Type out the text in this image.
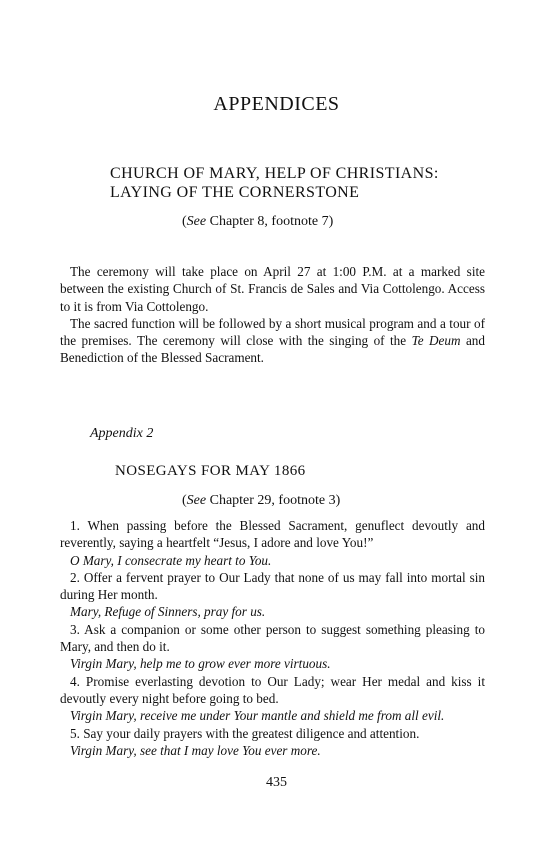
APPENDICES
CHURCH OF MARY, HELP OF CHRISTIANS:
LAYING OF THE CORNERSTONE
(See Chapter 8, footnote 7)

The ceremony will take place on April 27 at 1:00 P.M. at a marked site between the existing Church of St. Francis de Sales and Via Cottolengo. Access to it is from Via Cottolengo.

The sacred function will be followed by a short musical program and a tour of the premises. The ceremony will close with the singing of the Te Deum and Benediction of the Blessed Sacrament.

Appendix 2
NOSEGAYS FOR MAY 1866
(See Chapter 29, footnote 3)

1. When passing before the Blessed Sacrament, genuflect devoutly and reverently, saying a heartfelt “Jesus, I adore and love You!”

O Mary, I consecrate my heart to You.

2. Offer a fervent prayer to Our Lady that none of us may fall into mortal sin during Her month.

Mary, Refuge of Sinners, pray for us.

3. Ask a companion or some other person to suggest something pleasing to Mary, and then do it.

Virgin Mary, help me to grow ever more virtuous.

4. Promise everlasting devotion to Our Lady; wear Her medal and kiss it devoutly every night before going to bed.

Virgin Mary, receive me under Your mantle and shield me from all evil.

5. Say your daily prayers with the greatest diligence and attention.

Virgin Mary, see that I may love You ever more.

435
